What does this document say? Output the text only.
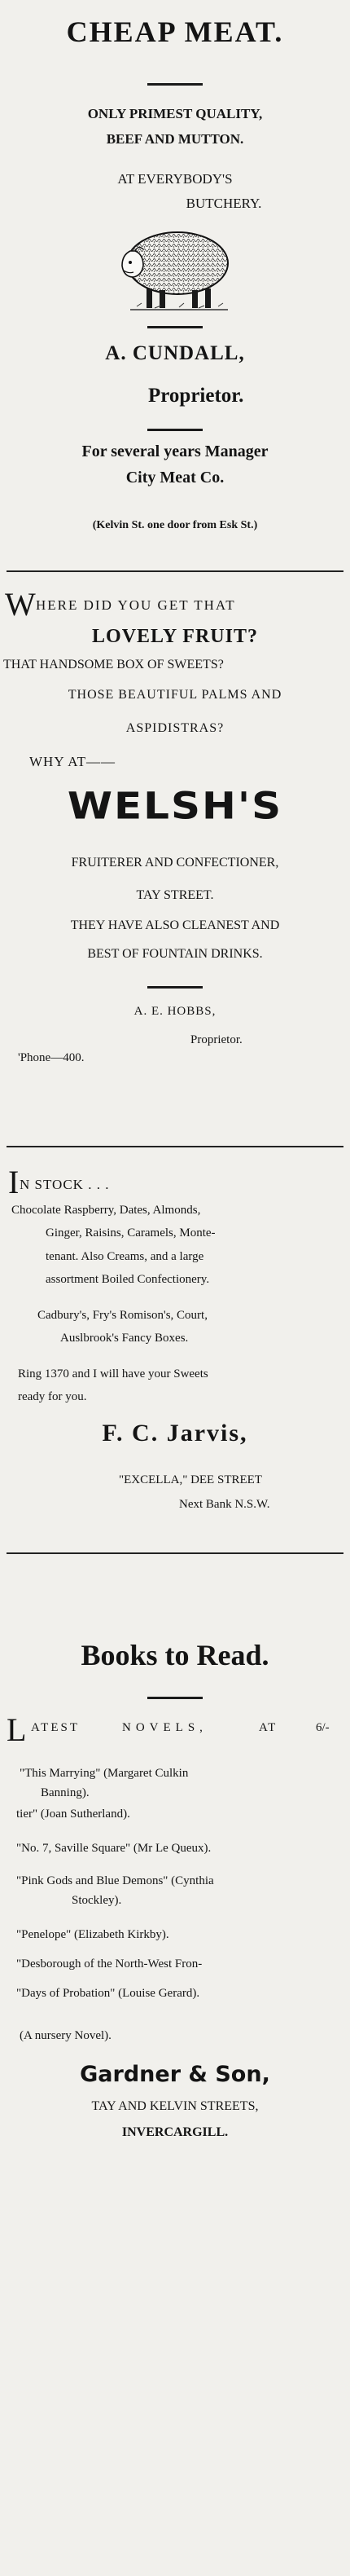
CHEAP MEAT.
ONLY PRIMEST QUALITY,
BEEF AND MUTTON.
AT EVERYBODY'S
BUTCHERY.
A. CUNDALL,
Proprietor.
For several years Manager
City Meat Co.
(Kelvin St. one door from Esk St.)
W HERE DID YOU GET THAT
LOVELY FRUIT?
THAT HANDSOME BOX OF SWEETS?
THOSE BEAUTIFUL PALMS AND
ASPIDISTRAS?
WHY AT——
WELSH'S
FRUITERER AND CONFECTIONER,
TAY STREET.
THEY HAVE ALSO CLEANEST AND
BEST OF FOUNTAIN DRINKS.
A. E. HOBBS,
Proprietor.
'Phone—400.
I N STOCK . . .
Chocolate Raspberry, Dates, Almonds,
Ginger, Raisins, Caramels, Monte-
tenant. Also Creams, and a large
assortment Boiled Confectionery.
Cadbury's, Fry's Romison's, Court,
Auslbrook's Fancy Boxes.
Ring 1370 and I will have your Sweets
ready for you.
F. C. Jarvis,
"EXCELLA," DEE STREET
Next Bank N.S.W.
Books to Read.
L ATEST	NOVELS,	AT	6/-
"This Marrying" (Margaret Culkin
Banning).
tier" (Joan Sutherland).
"No. 7, Saville Square" (Mr Le Queux).
"Pink Gods and Blue Demons" (Cynthia
Stockley).
"Penelope" (Elizabeth Kirkby).
"Desborough of the North-West Fron-
"Days of Probation" (Louise Gerard).
(A nursery Novel).
Gardner & Son,
TAY AND KELVIN STREETS,
INVERCARGILL.
